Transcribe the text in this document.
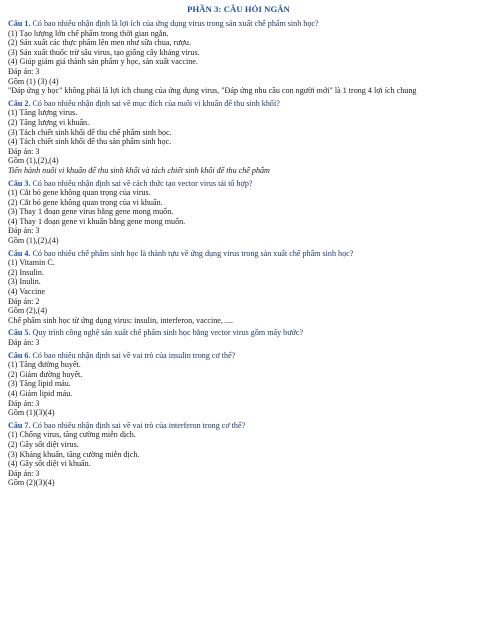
PHẦN 3: CÂU HỎI NGẮN
Câu 1. Có bao nhiêu nhận định là lợi ích của ứng dụng virus trong sản xuất chế phẩm sinh học?
(1) Tạo lượng lớn chế phẩm trong thời gian ngắn.
(2) Sản xuất các thực phẩm lên men như sữa chua, rượu.
(3) Sản xuất thuốc trừ sâu virus, tạo giống cây kháng virus.
(4) Giúp giảm giá thành sản phẩm y học, sản xuất vaccine.
Đáp án: 3
Gồm (1) (3) (4)
"Đáp ứng y học" không phải là lợi ích chung của ứng dụng virus, "Đáp ứng nhu cầu con người mới" là 1 trong 4 lợi ích chung
Câu 2. Có bao nhiêu nhận định sai về mục đích của nuôi vi khuẩn để thu sinh khối?
(1) Tăng lượng virus.
(2) Tăng lượng vi khuẩn.
(3) Tách chiết sinh khối để thu chế phẩm sinh học.
(4) Tách chiết sinh khối để thu sản phẩm sinh học.
Đáp án: 3
Gồm (1),(2),(4)
Tiến hành nuôi vi khuẩn để thu sinh khối và tách chiết sinh khối để thu chế phẩm
Câu 3. Có bao nhiêu nhận định sai về cách thức tạo vector virus tái tổ hợp?
(1) Cắt bỏ gene không quan trọng của virus.
(2) Cắt bỏ gene không quan trọng của vi khuẩn.
(3) Thay 1 đoạn gene virus bằng gene mong muốn.
(4) Thay 1 đoạn gene vi khuẩn bằng gene mong muốn.
Đáp án: 3
Gồm (1),(2),(4)
Câu 4. Có bao nhiêu chế phẩm sinh học là thành tựu về ứng dụng virus trong sản xuất chế phẩm sinh học?
(1) Vitamin C.
(2) Insulin.
(3) Inulin.
(4) Vaccine
Đáp án: 2
Gồm (2),(4)
Chế phẩm sinh học từ ứng dụng virus: insulin, interferon, vaccine, ....
Câu 5. Quy trình công nghệ sản xuất chế phẩm sinh học bằng vector virus gồm mấy bước?
Đáp án: 3
Câu 6. Có bao nhiêu nhận định sai về vai trò của insulin trong cơ thể?
(1) Tăng đường huyết.
(2) Giảm đường huyết.
(3) Tăng lipid máu.
(4) Giảm lipid máu.
Đáp án: 3
Gồm (1)(3)(4)
Câu 7. Có bao nhiêu nhận định sai về vai trò của interferon trong cơ thể?
(1) Chống virus, tăng cường miễn dịch.
(2) Gây sốt diệt virus.
(3) Kháng khuẩn, tăng cường miễn dịch.
(4) Gây sốt diệt vi khuẩn.
Đáp án: 3
Gồm (2)(3)(4)
